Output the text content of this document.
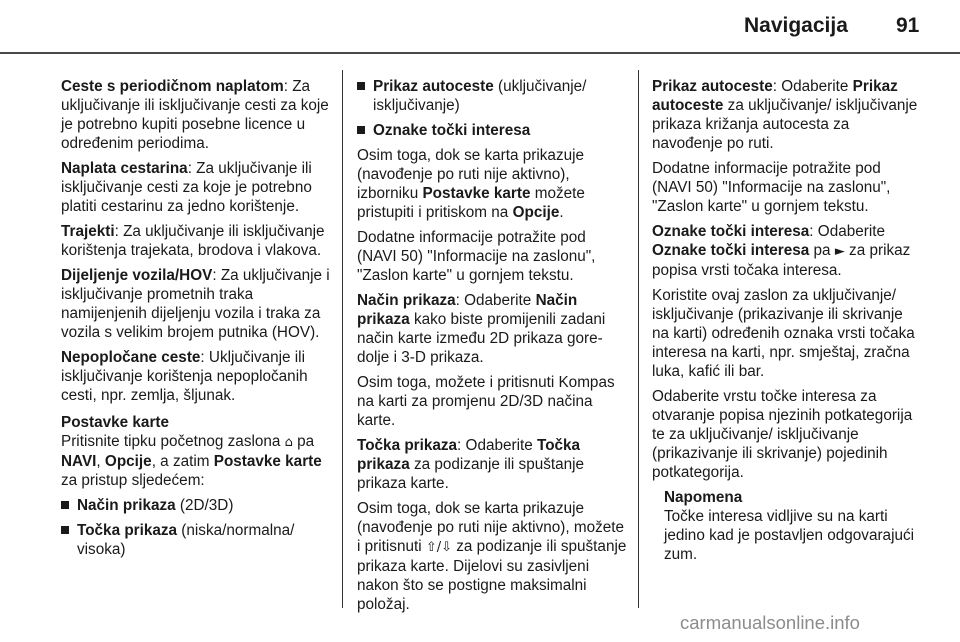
Navigacija 91

Ceste s periodičnom naplatom: Za uključivanje ili isključivanje cesti za koje je potrebno kupiti posebne licence u određenim periodima.

Naplata cestarina: Za uključivanje ili isključivanje cesti za koje je potrebno platiti cestarinu za jedno korištenje.

Trajekti: Za uključivanje ili isključivanje korištenja trajekata, brodova i vlakova.

Dijeljenje vozila/HOV: Za uključivanje i isključivanje prometnih traka namijenjenih dijeljenju vozila i traka za vozila s velikim brojem putnika (HOV).

Nepopločane ceste: Uključivanje ili isključivanje korištenja nepopločanih cesti, npr. zemlja, šljunak.

Postavke karte
Pritisnite tipku početnog zaslona ⌂ pa NAVI, Opcije, a zatim Postavke karte za pristup sljedećem:

Način prikaza (2D/3D)
Točka prikaza (niska/normalna/ visoka)
Prikaz autoceste (uključivanje/ isključivanje)
Oznake točki interesa

Osim toga, dok se karta prikazuje (navođenje po ruti nije aktivno), izborniku Postavke karte možete pristupiti i pritiskom na Opcije.

Dodatne informacije potražite pod (NAVI 50) "Informacije na zaslonu", "Zaslon karte" u gornjem tekstu.

Način prikaza: Odaberite Način prikaza kako biste promijenili zadani način karte između 2D prikaza gore-dolje i 3-D prikaza.

Osim toga, možete i pritisnuti Kompas na karti za promjenu 2D/3D načina karte.

Točka prikaza: Odaberite Točka prikaza za podizanje ili spuštanje prikaza karte.

Osim toga, dok se karta prikazuje (navođenje po ruti nije aktivno), možete i pritisnuti ⇧/⇩ za podizanje ili spuštanje prikaza karte. Dijelovi su zasivljeni nakon što se postigne maksimalni položaj.

Prikaz autoceste: Odaberite Prikaz autoceste za uključivanje/ isključivanje prikaza križanja autocesta za navođenje po ruti.

Dodatne informacije potražite pod (NAVI 50) "Informacije na zaslonu", "Zaslon karte" u gornjem tekstu.

Oznake točki interesa: Odaberite Oznake točki interesa pa ► za prikaz popisa vrsti točaka interesa.

Koristite ovaj zaslon za uključivanje/ isključivanje (prikazivanje ili skrivanje na karti) određenih oznaka vrsti točaka interesa na karti, npr. smještaj, zračna luka, kafić ili bar.

Odaberite vrstu točke interesa za otvaranje popisa njezinih potkategorija te za uključivanje/ isključivanje (prikazivanje ili skrivanje) pojedinih potkategorija.

Napomena
Točke interesa vidljive su na karti jedino kad je postavljen odgovarajući zum.
carmanualsonline.info
